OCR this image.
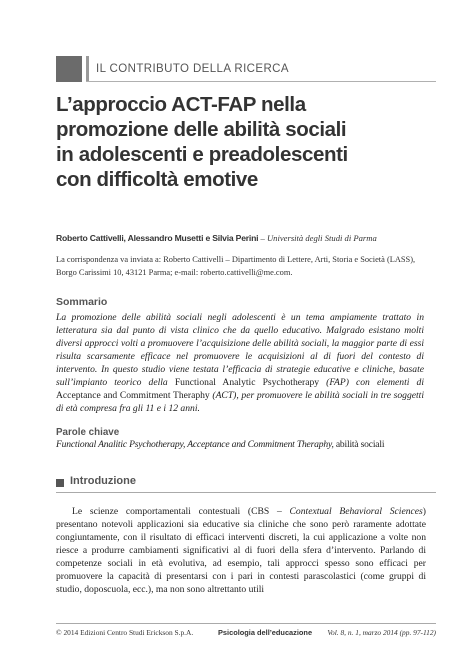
IL CONTRIBUTO DELLA RICERCA
L’approccio ACT-FAP nella
promozione delle abilità sociali
in adolescenti e preadolescenti
con difficoltà emotive
Roberto Cattivelli, Alessandro Musetti e Silvia Perini – Università degli Studi di Parma
La corrispondenza va inviata a: Roberto Cattivelli – Dipartimento di Lettere, Arti, Storia e Società (LASS),
Borgo Carissimi 10, 43121 Parma; e-mail: roberto.cattivelli@me.com.
Sommario
La promozione delle abilità sociali negli adolescenti è un tema ampiamente trattato in letteratura sia dal punto di vista clinico che da quello educativo. Malgrado esistano molti diversi approcci volti a promuovere l’acquisizione delle abilità sociali, la maggior parte di essi risulta scarsamente efficace nel promuovere le acquisizioni al di fuori del contesto di intervento. In questo studio viene testata l’efficacia di strategie educative e cliniche, basate sull’impianto teorico della Functional Analytic Psychotherapy (FAP) con elementi di Acceptance and Commitment Theraphy (ACT), per promuovere le abilità sociali in tre soggetti di età compresa fra gli 11 e i 12 anni.
Parole chiave
Functional Analitic Psychotherapy, Acceptance and Commitment Theraphy, abilità sociali
Introduzione

Le scienze comportamentali contestuali (CBS – Contextual Behavioral Sciences) presentano notevoli applicazioni sia educative sia cliniche che sono però raramente adottate congiuntamente, con il risultato di efficaci interventi discreti, la cui applicazione a volte non riesce a produrre cambiamenti significativi al di fuori della sfera d’intervento. Parlando di competenze sociali in età evolutiva, ad esempio, tali approcci spesso sono efficaci per promuovere la capacità di presentarsi con i pari in contesti parascolastici (come gruppi di studio, doposcuola, ecc.), ma non sono altrettanto utili

© 2014 Edizioni Centro Studi Erickson S.p.A.	Psicologia dell’educazione Vol. 8, n. 1, marzo 2014 (pp. 97-112)
